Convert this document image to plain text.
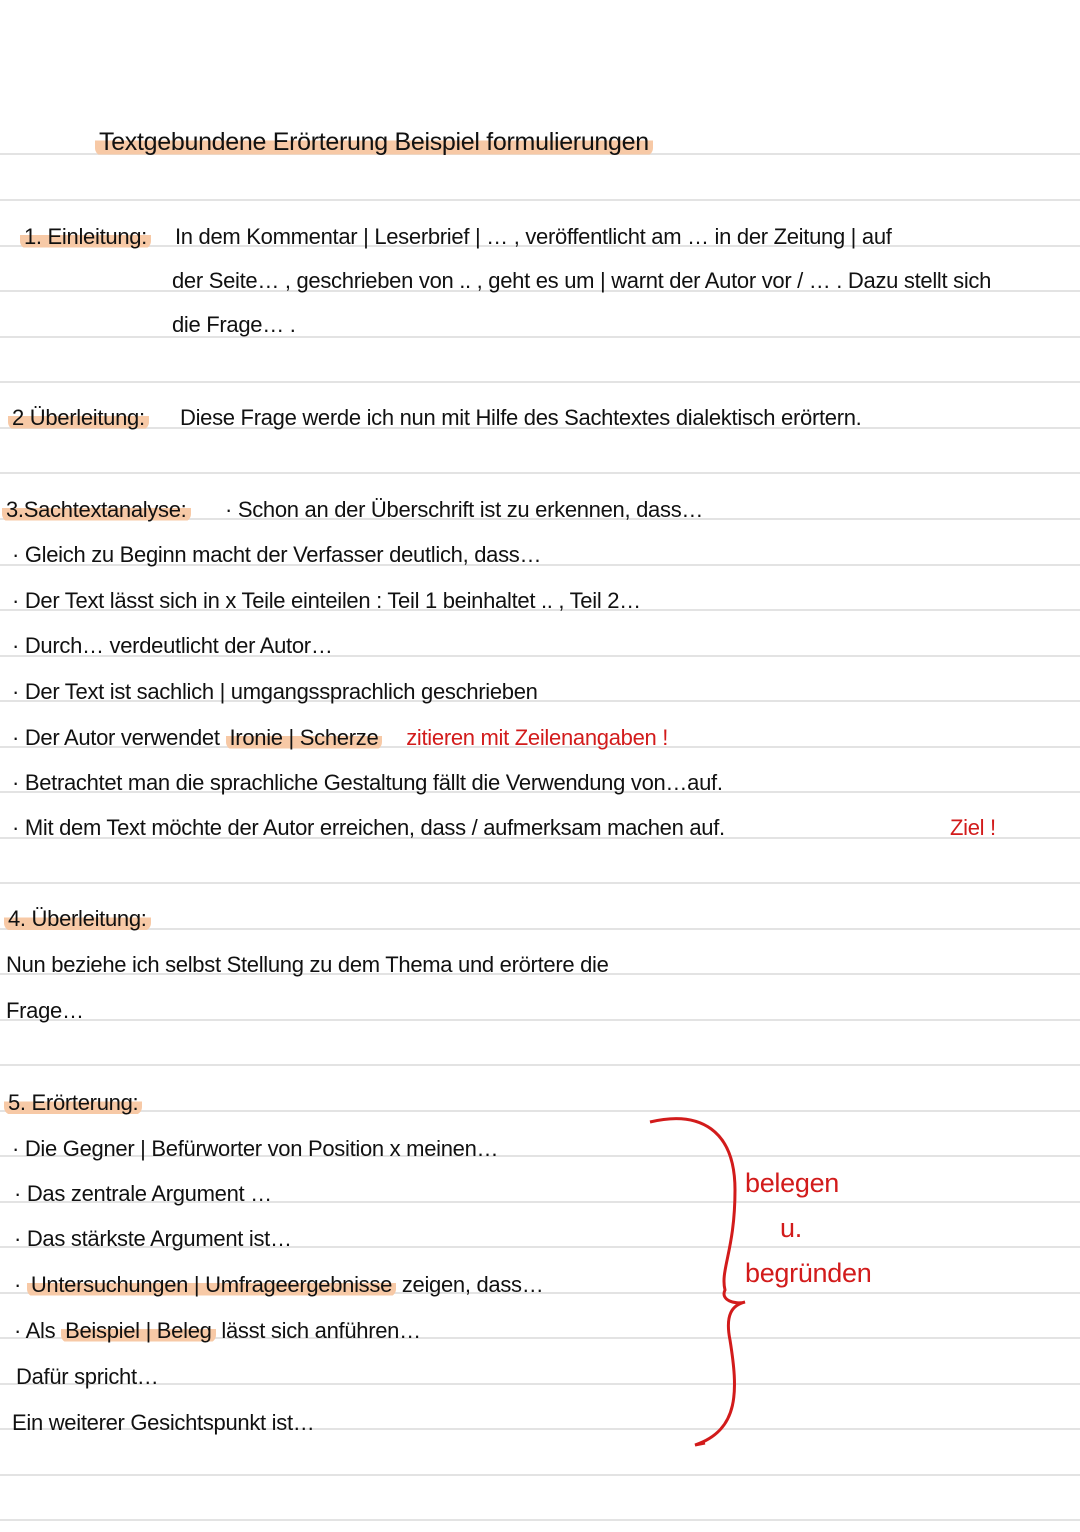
Textgebundene Erörterung Beispiel formulierungen
1. Einleitung: In dem Kommentar | Leserbrief | … , veröffentlicht am … in der Zeitung | auf
der Seite… , geschrieben von .. , geht es um | warnt der Autor vor / … . Dazu stellt sich
die Frage… .
2 Überleitung: Diese Frage werde ich nun mit Hilfe des Sachtextes dialektisch erörtern.
3.Sachtextanalyse: · Schon an der Überschrift ist zu erkennen, dass…
· Gleich zu Beginn macht der Verfasser deutlich, dass…
· Der Text lässt sich in x Teile einteilen : Teil 1 beinhaltet .. , Teil 2…
· Durch… verdeutlicht der Autor…
· Der Text ist sachlich | umgangssprachlich geschrieben
· Der Autor verwendet Ironie | Scherze zitieren mit Zeilenangaben !
· Betrachtet man die sprachliche Gestaltung fällt die Verwendung von…auf.
· Mit dem Text möchte der Autor erreichen, dass / aufmerksam machen auf.	Ziel !
4. Überleitung:
Nun beziehe ich selbst Stellung zu dem Thema und erörtere die
Frage…
5. Erörterung:
· Die Gegner | Befürworter von Position x meinen…
· Das zentrale Argument …
· Das stärkste Argument ist…
· Untersuchungen | Umfrageergebnisse zeigen, dass…
· Als Beispiel | Beleg lässt sich anführen…
Dafür spricht…
Ein weiterer Gesichtspunkt ist…
belegen
u.
begründen
